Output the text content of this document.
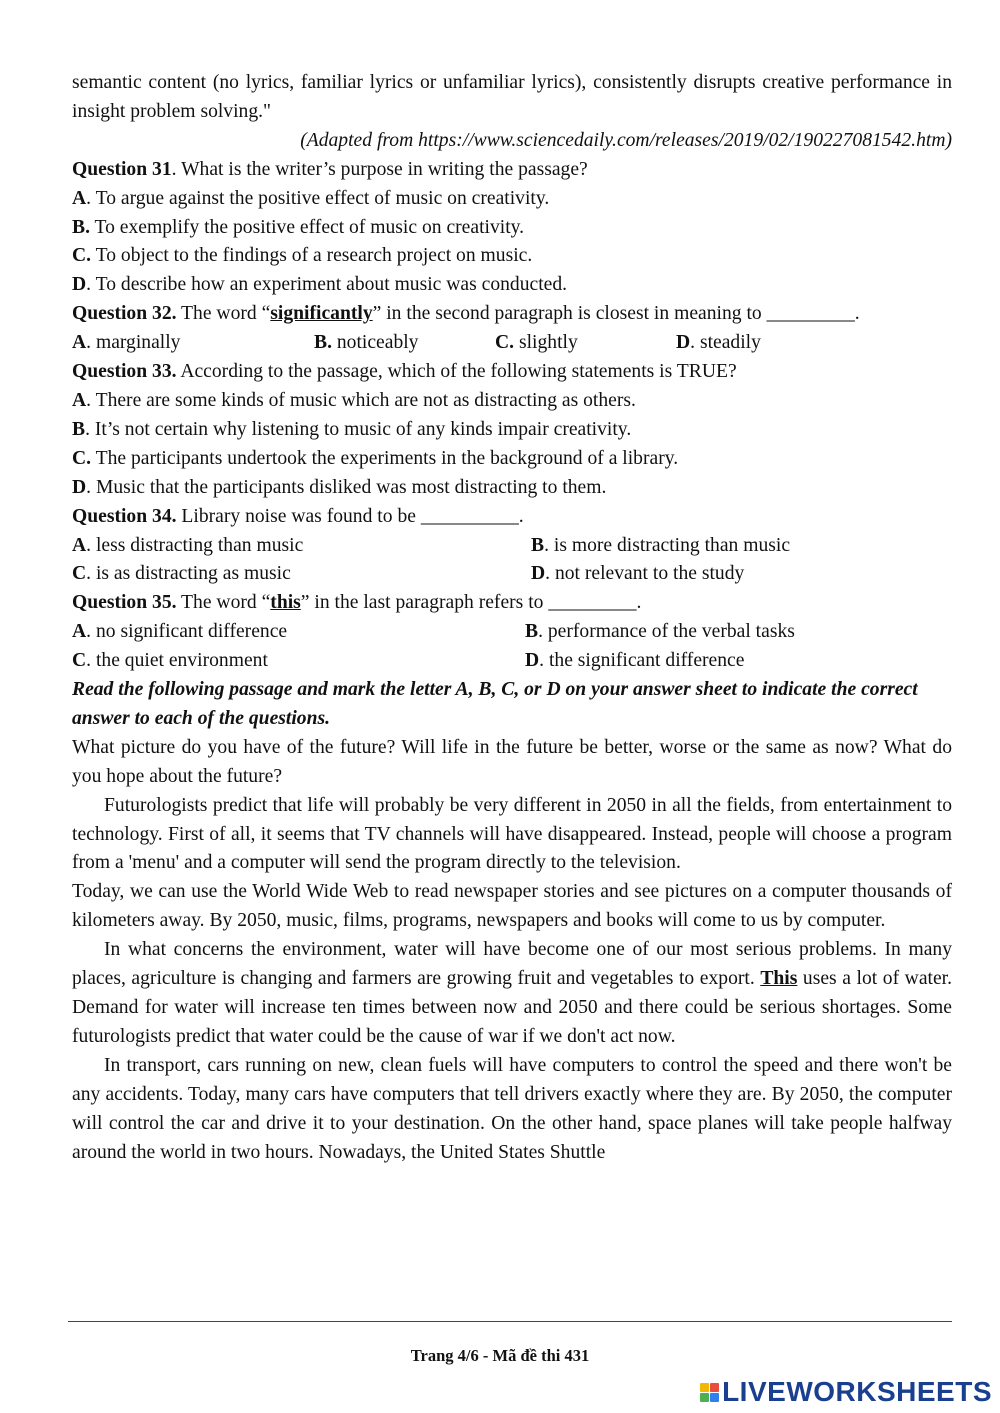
semantic content (no lyrics, familiar lyrics or unfamiliar lyrics), consistently disrupts creative performance in insight problem solving."

(Adapted from https://www.sciencedaily.com/releases/2019/02/190227081542.htm)

Question 31. What is the writer’s purpose in writing the passage?

A. To argue against the positive effect of music on creativity.

B. To exemplify the positive effect of music on creativity.

C. To object to the findings of a research project on music.

D. To describe how an experiment about music was conducted.

Question 32. The word “significantly” in the second paragraph is closest in meaning to _________.

A. marginally	B. noticeably	C. slightly	D. steadily

Question 33. According to the passage, which of the following statements is TRUE?

A. There are some kinds of music which are not as distracting as others.

B. It’s not certain why listening to music of any kinds impair creativity.

C. The participants undertook the experiments in the background of a library.

D. Music that the participants disliked was most distracting to them.

Question 34. Library noise was found to be __________.

A. less distracting than music	B. is more distracting than music
C. is as distracting as music	D. not relevant to the study

Question 35. The word “this” in the last paragraph refers to _________.

A. no significant difference	B. performance of the verbal tasks
C. the quiet environment	D. the significant difference

Read the following passage and mark the letter A, B, C, or D on your answer sheet to indicate the correct answer to each of the questions.

What picture do you have of the future? Will life in the future be better, worse or the same as now? What do you hope about the future?

Futurologists predict that life will probably be very different in 2050 in all the fields, from entertainment to technology. First of all, it seems that TV channels will have disappeared. Instead, people will choose a program from a 'menu' and a computer will send the program directly to the television.

Today, we can use the World Wide Web to read newspaper stories and see pictures on a computer thousands of kilometers away. By 2050, music, films, programs, newspapers and books will come to us by computer.

In what concerns the environment, water will have become one of our most serious problems. In many places, agriculture is changing and farmers are growing fruit and vegetables to export. This uses a lot of water. Demand for water will increase ten times between now and 2050 and there could be serious shortages. Some futurologists predict that water could be the cause of war if we don't act now.

In transport, cars running on new, clean fuels will have computers to control the speed and there won't be any accidents. Today, many cars have computers that tell drivers exactly where they are. By 2050, the computer will control the car and drive it to your destination. On the other hand, space planes will take people halfway around the world in two hours. Nowadays, the United States Shuttle

Trang 4/6 - Mã đề thi 431
LIVEWORKSHEETS
